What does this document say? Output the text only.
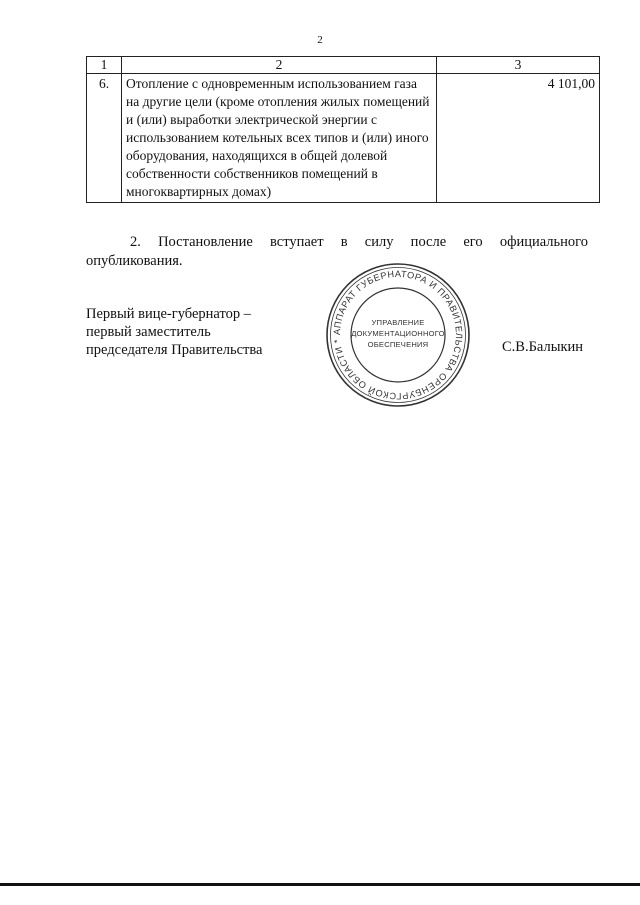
2
1	2	3
6.	Отопление с одновременным использованием газа на другие цели (кроме отопления жилых помещений и (или) выработки электрической энергии с использованием котельных всех типов и (или) иного оборудования, находящихся в общей долевой собственности собственников помещений в многоквартирных домах)	4 101,00
2. Постановление вступает в силу после его официального опубликования.
Первый вице-губернатор –
первый заместитель
председателя Правительства	С.В.Балыкин
АППАРАТ ГУБЕРНАТОРА И ПРАВИТЕЛЬСТВА ОРЕНБУРГСКОЙ ОБЛАСТИ *
УПРАВЛЕНИЕ
ДОКУМЕНТАЦИОННОГО
ОБЕСПЕЧЕНИЯ
